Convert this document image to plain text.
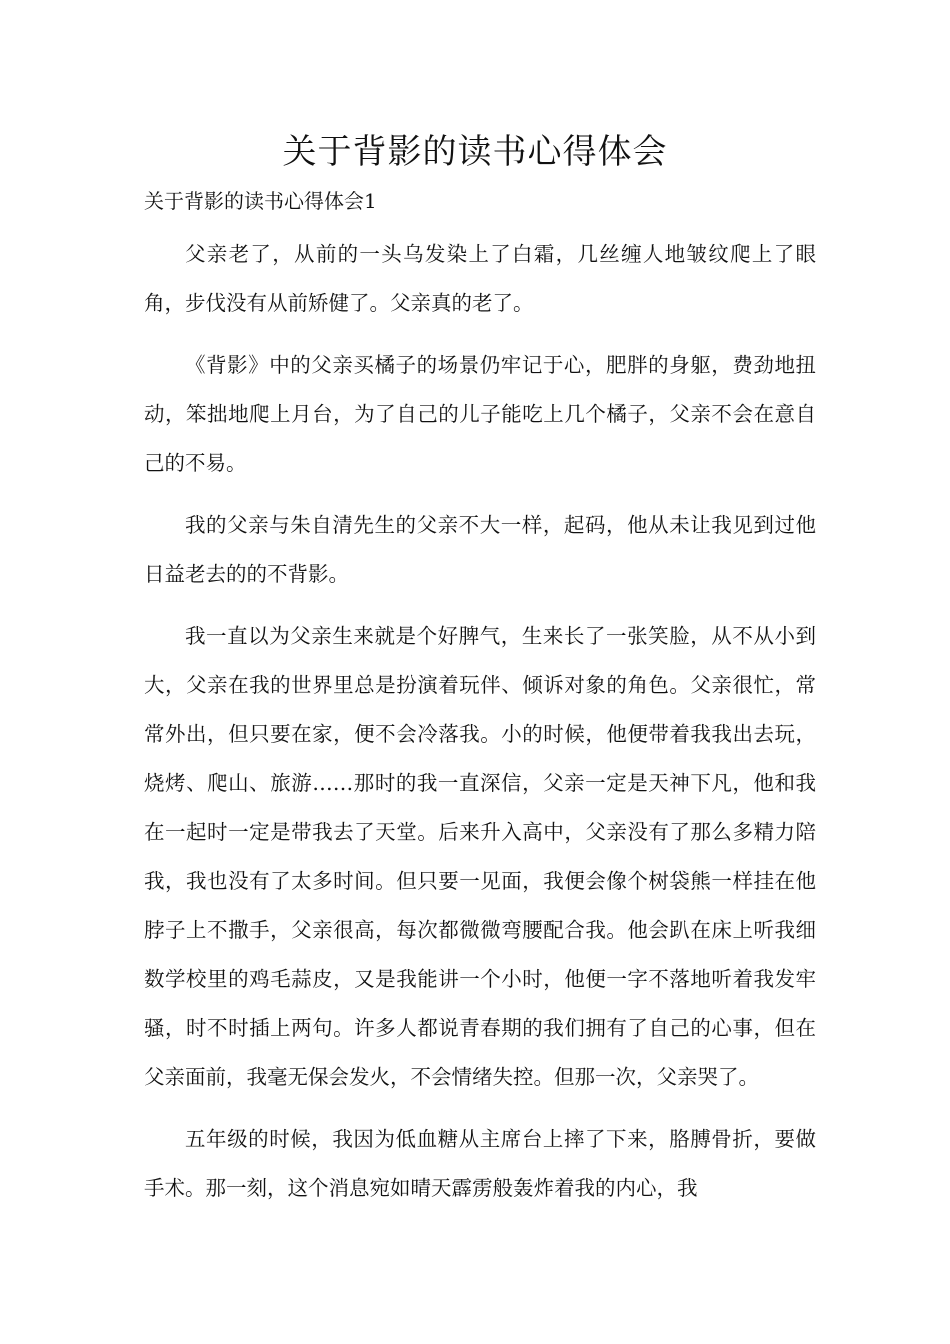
关于背影的读书心得体会

关于背影的读书心得体会1

父亲老了，从前的一头乌发染上了白霜，几丝缠人地皱纹爬上了眼角，步伐没有从前矫健了。父亲真的老了。

《背影》中的父亲买橘子的场景仍牢记于心，肥胖的身躯，费劲地扭动，笨拙地爬上月台，为了自己的儿子能吃上几个橘子，父亲不会在意自己的不易。

我的父亲与朱自清先生的父亲不大一样，起码，他从未让我见到过他日益老去的的不背影。

我一直以为父亲生来就是个好脾气，生来长了一张笑脸，从不从小到大，父亲在我的世界里总是扮演着玩伴、倾诉对象的角色。父亲很忙，常常外出，但只要在家，便不会冷落我。小的时候，他便带着我我出去玩，烧烤、爬山、旅游……那时的我一直深信，父亲一定是天神下凡，他和我在一起时一定是带我去了天堂。后来升入高中，父亲没有了那么多精力陪我，我也没有了太多时间。但只要一见面，我便会像个树袋熊一样挂在他脖子上不撒手，父亲很高，每次都微微弯腰配合我。他会趴在床上听我细数学校里的鸡毛蒜皮，又是我能讲一个小时，他便一字不落地听着我发牢骚，时不时插上两句。许多人都说青春期的我们拥有了自己的心事，但在父亲面前，我毫无保会发火，不会情绪失控。但那一次，父亲哭了。

五年级的时候，我因为低血糖从主席台上摔了下来，胳膊骨折，要做手术。那一刻，这个消息宛如晴天霹雳般轰炸着我的内心，我
